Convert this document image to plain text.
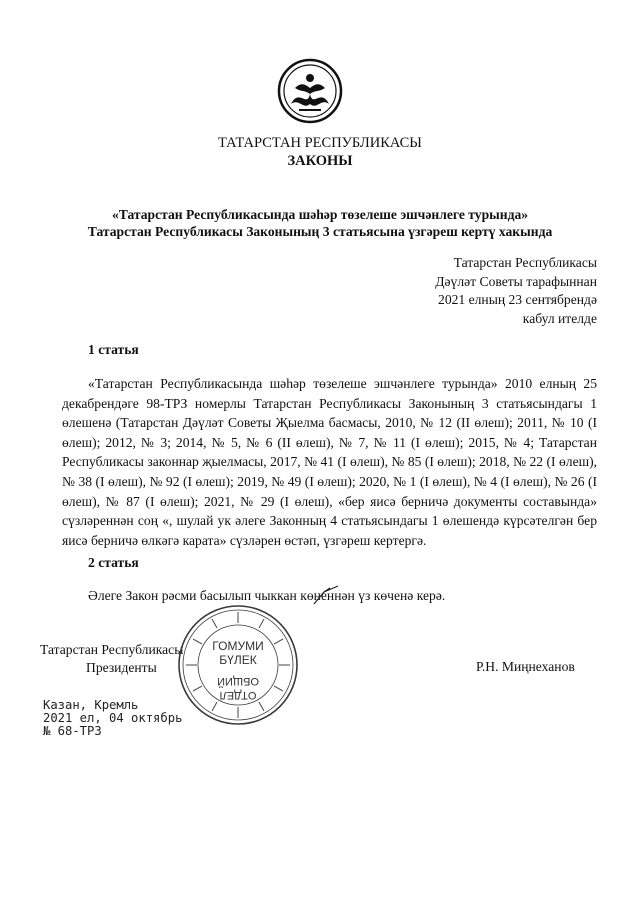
ТАТАРСТАН РЕСПУБЛИКАСЫ
ЗАКОНЫ
«Татарстан Республикасында шәһәр төзелеше эшчәнлеге турында»
Татарстан Республикасы Законының 3 статьясына үзгәреш кертү хакында
Татарстан Республикасы
Дәүләт Советы тарафыннан
2021 елның 23 сентябрендә
кабул ителде
1 статья
«Татарстан Республикасында шәһәр төзелеше эшчәнлеге турында» 2010 елның 25 декабрендәге 98-ТРЗ номерлы Татарстан Республикасы Законының 3 статьясындагы 1 өлешенә (Татарстан Дәүләт Советы Җыелма басмасы, 2010, № 12 (II өлеш); 2011, № 10 (I өлеш); 2012, № 3; 2014, № 5, № 6 (II өлеш), № 7, № 11 (I өлеш); 2015, № 4; Татарстан Республикасы законнар җыелмасы, 2017, № 41 (I өлеш), № 85 (I өлеш); 2018, № 22 (I өлеш), № 38 (I өлеш), № 92 (I өлеш); 2019, № 49 (I өлеш); 2020, № 1 (I өлеш), № 4 (I өлеш), № 26 (I өлеш), № 87 (I өлеш); 2021, № 29 (I өлеш), «бер яисә берничә документы составында» сүзләреннән соң «, шулай ук әлеге Законның 4 статьясындагы 1 өлешендә күрсәтелгән бер яисә берничә өлкәгә карата» сүзләрен өстәп, үзгәреш кертергә.
2 статья
Әлеге Закон рәсми басылып чыккан көненнән үз көченә керә.
Татарстан Республикасы
Президенты	Р.Н. Миңнеханов
ГОМУМИ
БҮЛЕК
ОБЩИЙ
ОТДЕЛ
Казан, Кремль
2021 ел, 04 октябрь
№ 68-ТРЗ
